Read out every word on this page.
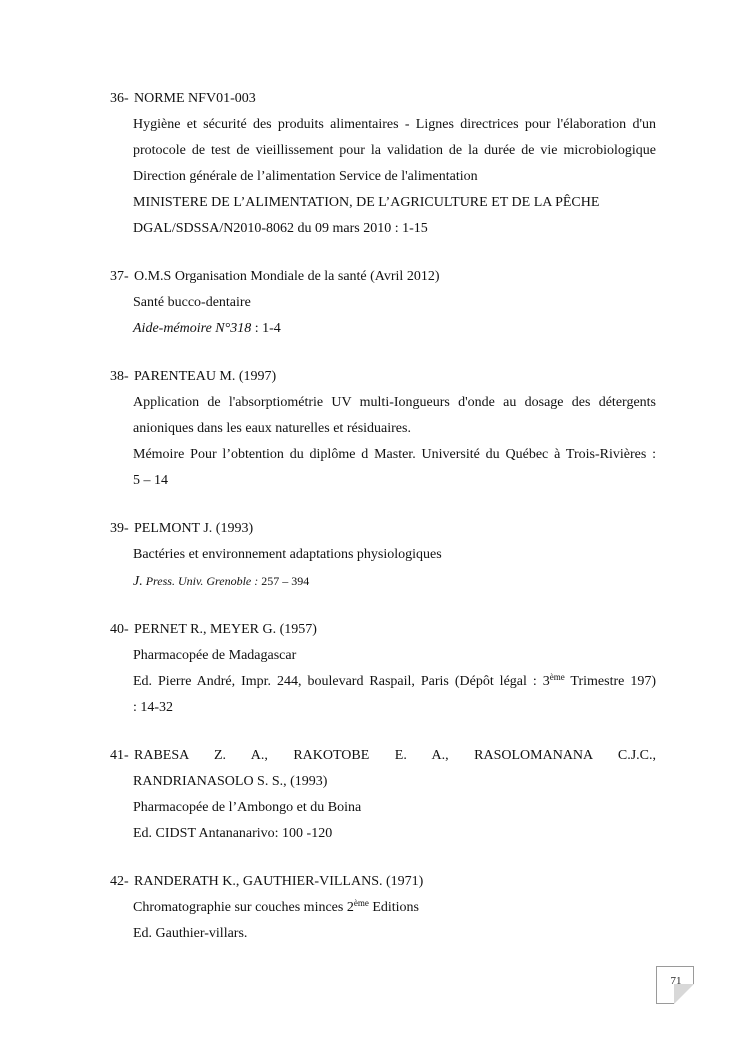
36- NORME NFV01-003
Hygiène et sécurité des produits alimentaires - Lignes directrices pour l'élaboration d'un
protocole de test de vieillissement pour la validation de la durée de vie microbiologique
Direction générale de l’alimentation Service de l'alimentation
MINISTERE DE L’ALIMENTATION, DE L’AGRICULTURE ET DE LA PÊCHE
DGAL/SDSSA/N2010-8062 du 09 mars 2010 : 1-15
37- O.M.S Organisation Mondiale de la santé (Avril 2012)
Santé bucco-dentaire
Aide-mémoire N°318 : 1-4
38- PARENTEAU M. (1997)
Application de l'absorptiométrie UV multi-Iongueurs d'onde au dosage des détergents
anioniques dans les eaux naturelles et résiduaires.
Mémoire Pour l’obtention du diplôme d Master. Université du Québec à Trois-Rivières :
5 – 14
39- PELMONT J. (1993)
Bactéries et environnement adaptations physiologiques
J. Press. Univ. Grenoble : 257 – 394
40- PERNET R., MEYER G. (1957)
Pharmacopée de Madagascar
Ed. Pierre André, Impr. 244, boulevard Raspail, Paris (Dépôt légal : 3ème Trimestre 197)
: 14-32
41- RABESA Z. A., RAKOTOBE E. A., RASOLOMANANA C.J.C.,
RANDRIANASOLO S. S., (1993)
Pharmacopée de l’Ambongo et du Boina
Ed. CIDST Antananarivo: 100 -120
42- RANDERATH K., GAUTHIER-VILLANS. (1971)
Chromatographie sur couches minces 2ème Editions
Ed. Gauthier-villars.
71
